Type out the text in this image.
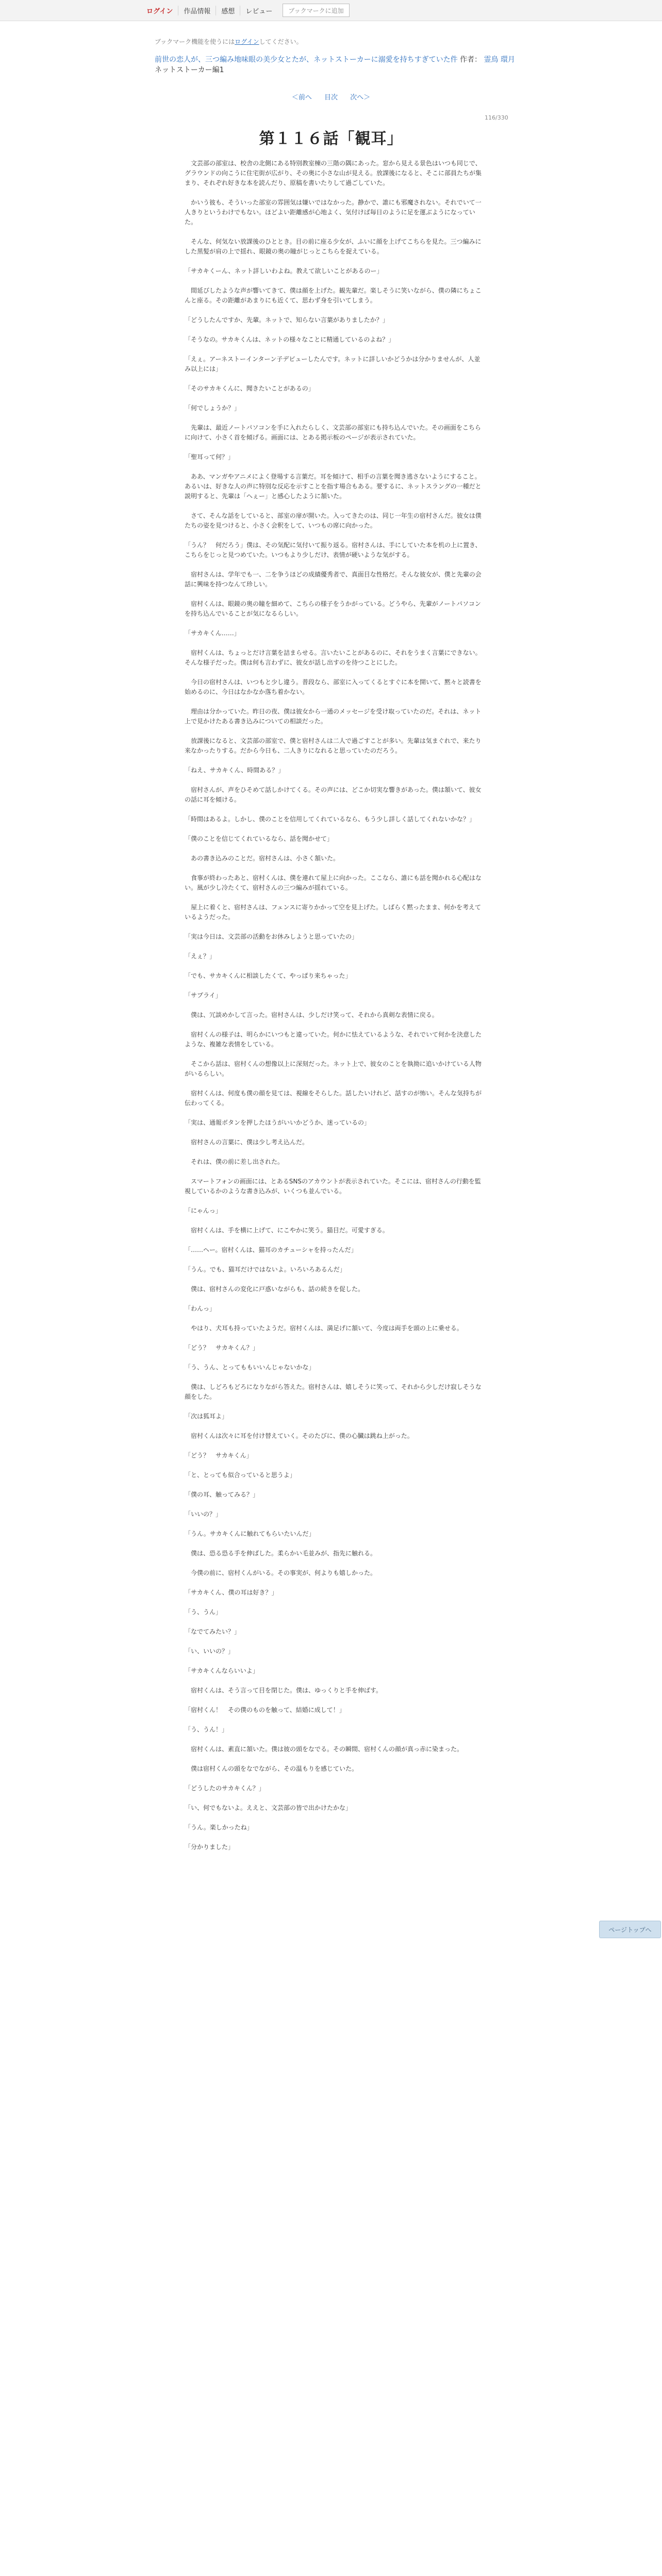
ログイン	作品情報	感想	レビュー	ブックマークに追加
ブックマーク機能を使うにはログインしてください。
前世の恋人が、三つ編み地味眼の美少女とたが、ネットストーカーに溺愛を持ちすぎていた件 作者： 霊鳥 環月
ネットストーカー編1
＜前へ 目次 次へ＞
116/330
第１１６話「観耳」

　文芸部の部室は、校舎の北側にある特別教室棟の三階の隅にあった。窓から見える景色はいつも同じで、グラウンドの向こうに住宅街が広がり、その奥に小さな山が見える。放課後になると、そこに部員たちが集まり、それぞれ好きな本を読んだり、原稿を書いたりして過ごしていた。

　かいう彼も、そういった部室の雰囲気は嫌いではなかった。静かで、誰にも邪魔されない。それでいて一人きりというわけでもない。ほどよい距離感が心地よく、気付けば毎日のように足を運ぶようになっていた。

　そんな、何気ない放課後のひととき。目の前に座る少女が、ふいに顔を上げてこちらを見た。三つ編みにした黒髪が肩の上で揺れ、眼鏡の奥の瞳がじっとこちらを捉えている。

「サカキくーん、ネット詳しいわよね。教えて欲しいことがあるのー」

　間延びしたような声が響いてきて、僕は顔を上げた。観先輩だ。楽しそうに笑いながら、僕の隣にちょこんと座る。その距離があまりにも近くて、思わず身を引いてしまう。

「どうしたんですか、先輩。ネットで、知らない言葉がありましたか？」

「そうなの。サカキくんは、ネットの様々なことに精通しているのよね？」

「えぇ。アーネストーインターン子デビューしたんです。ネットに詳しいかどうかは分かりませんが、人並み以上には」

「そのサカキくんに、聞きたいことがあるの」

「何でしょうか？」

　先輩は、最近ノートパソコンを手に入れたらしく、文芸部の部室にも持ち込んでいた。その画面をこちらに向けて、小さく首を傾げる。画面には、とある掲示板のページが表示されていた。

「聖耳って何？」

　ああ、マンガやアニメによく登場する言葉だ。耳を傾けて、相手の言葉を聞き逃さないようにすること。あるいは、好きな人の声に特別な反応を示すことを指す場合もある。要するに、ネットスラングの一種だと説明すると、先輩は「へぇー」と感心したように頷いた。

　さて、そんな話をしていると、部室の扉が開いた。入ってきたのは、同じ一年生の宿村さんだ。彼女は僕たちの姿を見つけると、小さく会釈をして、いつもの席に向かった。

「うん？　何だろう」僕は、その気配に気付いて振り返る。宿村さんは、手にしていた本を机の上に置き、こちらをじっと見つめていた。いつもより少しだけ、表情が硬いような気がする。

　宿村さんは、学年でも一、二を争うほどの成績優秀者で、真面目な性格だ。そんな彼女が、僕と先輩の会話に興味を持つなんて珍しい。

　宿村くんは、眼鏡の奥の瞳を細めて、こちらの様子をうかがっている。どうやら、先輩がノートパソコンを持ち込んでいることが気になるらしい。

「サカキくん……」

　宿村くんは、ちょっとだけ言葉を詰まらせる。言いたいことがあるのに、それをうまく言葉にできない。そんな様子だった。僕は何も言わずに、彼女が話し出すのを待つことにした。

　今日の宿村さんは、いつもと少し違う。普段なら、部室に入ってくるとすぐに本を開いて、黙々と読書を始めるのに、今日はなかなか落ち着かない。

　理由は分かっていた。昨日の夜、僕は彼女から一通のメッセージを受け取っていたのだ。それは、ネット上で見かけたある書き込みについての相談だった。

　放課後になると、文芸部の部室で、僕と宿村さんは二人で過ごすことが多い。先輩は気まぐれで、来たり来なかったりする。だから今日も、二人きりになれると思っていたのだろう。

「ねえ、サカキくん、時間ある？」

　宿村さんが、声をひそめて話しかけてくる。その声には、どこか切実な響きがあった。僕は頷いて、彼女の話に耳を傾ける。

「時間はあるよ。しかし、僕のことを信用してくれているなら、もう少し詳しく話してくれないかな？」

「僕のことを信じてくれているなら、話を聞かせて」

　あの書き込みのことだ。宿村さんは、小さく頷いた。

　食事が終わったあと、宿村くんは、僕を連れて屋上に向かった。ここなら、誰にも話を聞かれる心配はない。風が少し冷たくて、宿村さんの三つ編みが揺れている。

　屋上に着くと、宿村さんは、フェンスに寄りかかって空を見上げた。しばらく黙ったまま、何かを考えているようだった。

「実は今日は、文芸部の活動をお休みしようと思っていたの」

「えぇ？」

「でも、サカキくんに相談したくて、やっぱり来ちゃった」

「サプライ」

　僕は、冗談めかして言った。宿村さんは、少しだけ笑って、それから真剣な表情に戻る。

　宿村くんの様子は、明らかにいつもと違っていた。何かに怯えているような、それでいて何かを決意したような、複雑な表情をしている。

　そこから話は、宿村くんの想像以上に深刻だった。ネット上で、彼女のことを執拗に追いかけている人物がいるらしい。

　宿村くんは、何度も僕の顔を見ては、視線をそらした。話したいけれど、話すのが怖い。そんな気持ちが伝わってくる。

「実は、通報ボタンを押したほうがいいかどうか、迷っているの」

　宿村さんの言葉に、僕は少し考え込んだ。

　それは、僕の前に差し出された。

　スマートフォンの画面には、とあるSNSのアカウントが表示されていた。そこには、宿村さんの行動を監視しているかのような書き込みが、いくつも並んでいる。

「にゃんっ」

　宿村くんは、手を横に上げて、にこやかに笑う。猫目だ。可愛すぎる。

「……ヘー。宿村くんは、猫耳のカチューシャを持ったんだ」

「うん。でも、猫耳だけではないよ。いろいろあるんだ」

　僕は、宿村さんの変化に戸惑いながらも、話の続きを促した。

「わんっ」

　やはり、犬耳も持っていたようだ。宿村くんは、満足げに頷いて、今度は両手を頭の上に乗せる。

「どう？　サカキくん？」

「う、うん、とってももいいんじゃないかな」

　僕は、しどろもどろになりながら答えた。宿村さんは、嬉しそうに笑って、それから少しだけ寂しそうな顔をした。

「次は狐耳よ」

　宿村くんは次々に耳を付け替えていく。そのたびに、僕の心臓は跳ね上がった。

「どう？　サカキくん」

「と、とっても似合っていると思うよ」

「僕の耳、触ってみる？」

「いいの？」

「うん。サカキくんに触れてもらいたいんだ」

　僕は、恐る恐る手を伸ばした。柔らかい毛並みが、指先に触れる。

　今僕の前に、宿村くんがいる。その事実が、何よりも嬉しかった。

「サカキくん、僕の耳は好き？」

「う、うん」

「なでてみたい？」

「い、いいの？」

「サカキくんならいいよ」

　宿村くんは、そう言って目を閉じた。僕は、ゆっくりと手を伸ばす。

「宿村くん！　その僕のものを触って、結婚に成して！」

「う、うん！」

　宿村くんは、素直に頷いた。僕は彼の頭をなでる。その瞬間、宿村くんの顔が真っ赤に染まった。

　僕は宿村くんの頭をなでながら、その温もりを感じていた。

「どうしたのサカキくん？」

「い、何でもないよ。ええと、文芸部の皆で出かけたかな」

「うん。楽しかったね」

「分かりました」

ページトップへ
